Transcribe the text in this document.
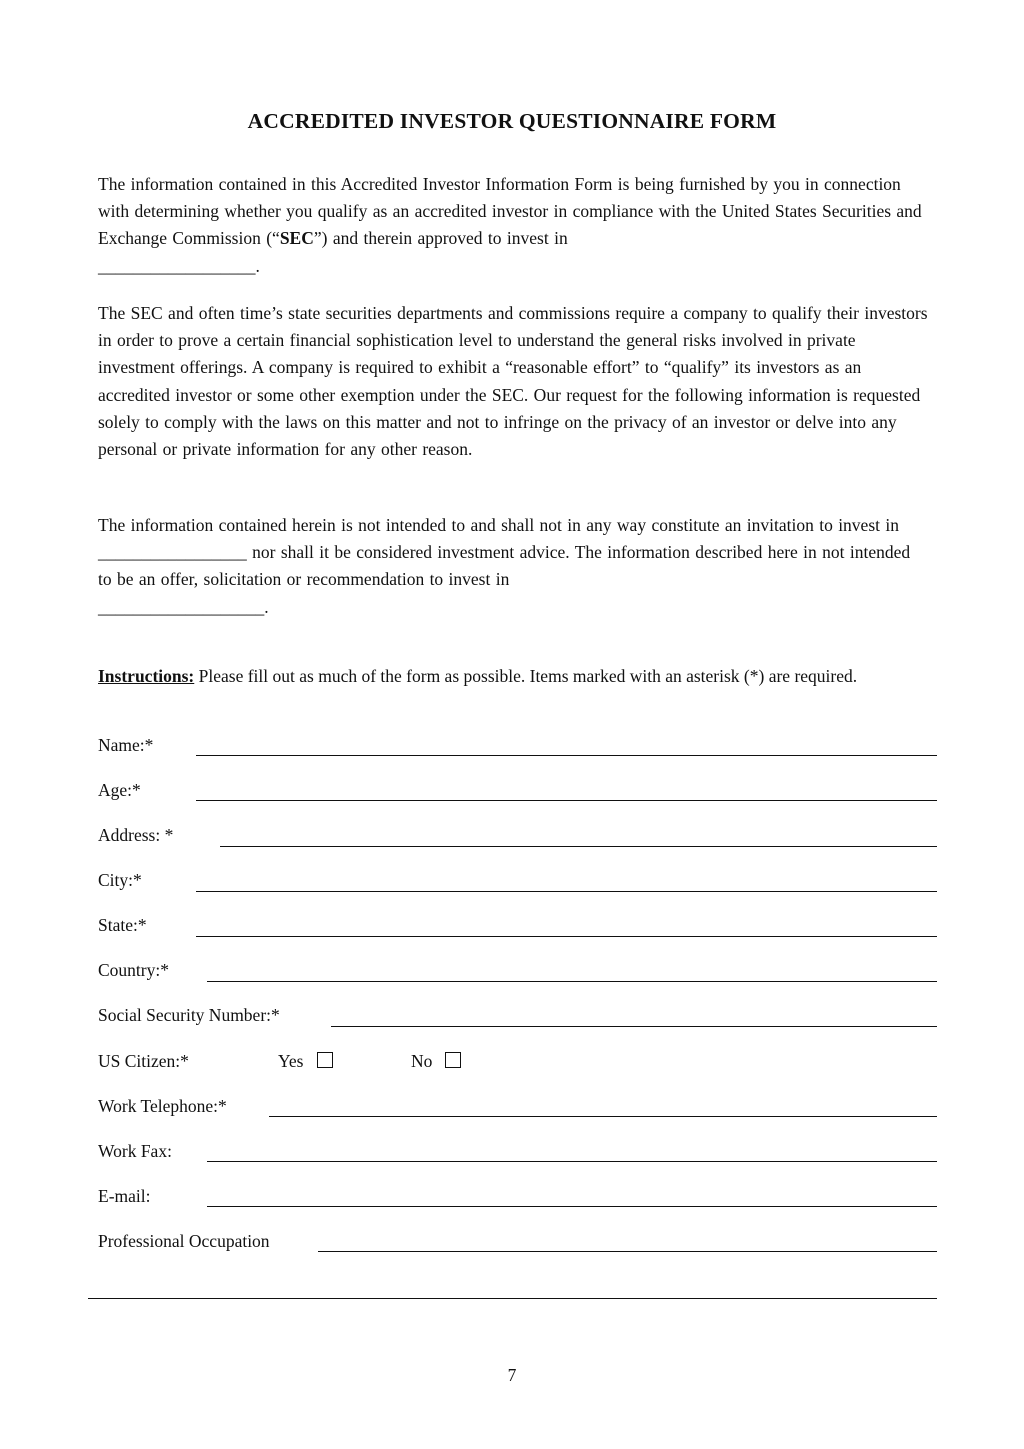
ACCREDITED INVESTOR QUESTIONNAIRE FORM
The information contained in this Accredited Investor Information Form is being furnished by you in connection with determining whether you qualify as an accredited investor in compliance with the United States Securities and Exchange Commission (“SEC”) and therein approved to invest in
__________________.
The SEC and often time’s state securities departments and commissions require a company to qualify their investors in order to prove a certain financial sophistication level to understand the general risks involved in private investment offerings. A company is required to exhibit a “reasonable effort” to “qualify” its investors as an accredited investor or some other exemption under the SEC. Our request for the following information is requested solely to comply with the laws on this matter and not to infringe on the privacy of an investor or delve into any personal or private information for any other reason.
The information contained herein is not intended to and shall not in any way constitute an invitation to invest in _________________ nor shall it be considered investment advice. The information described here in not intended to be an offer, solicitation or recommendation to invest in
___________________.
Instructions: Please fill out as much of the form as possible. Items marked with an asterisk (*) are required.
Name:*
Age:*
Address: *
City:*
State:*
Country:*
Social Security Number:*
US Citizen:*	Yes	No
Work Telephone:*
Work Fax:
E-mail:
Professional Occupation
7
